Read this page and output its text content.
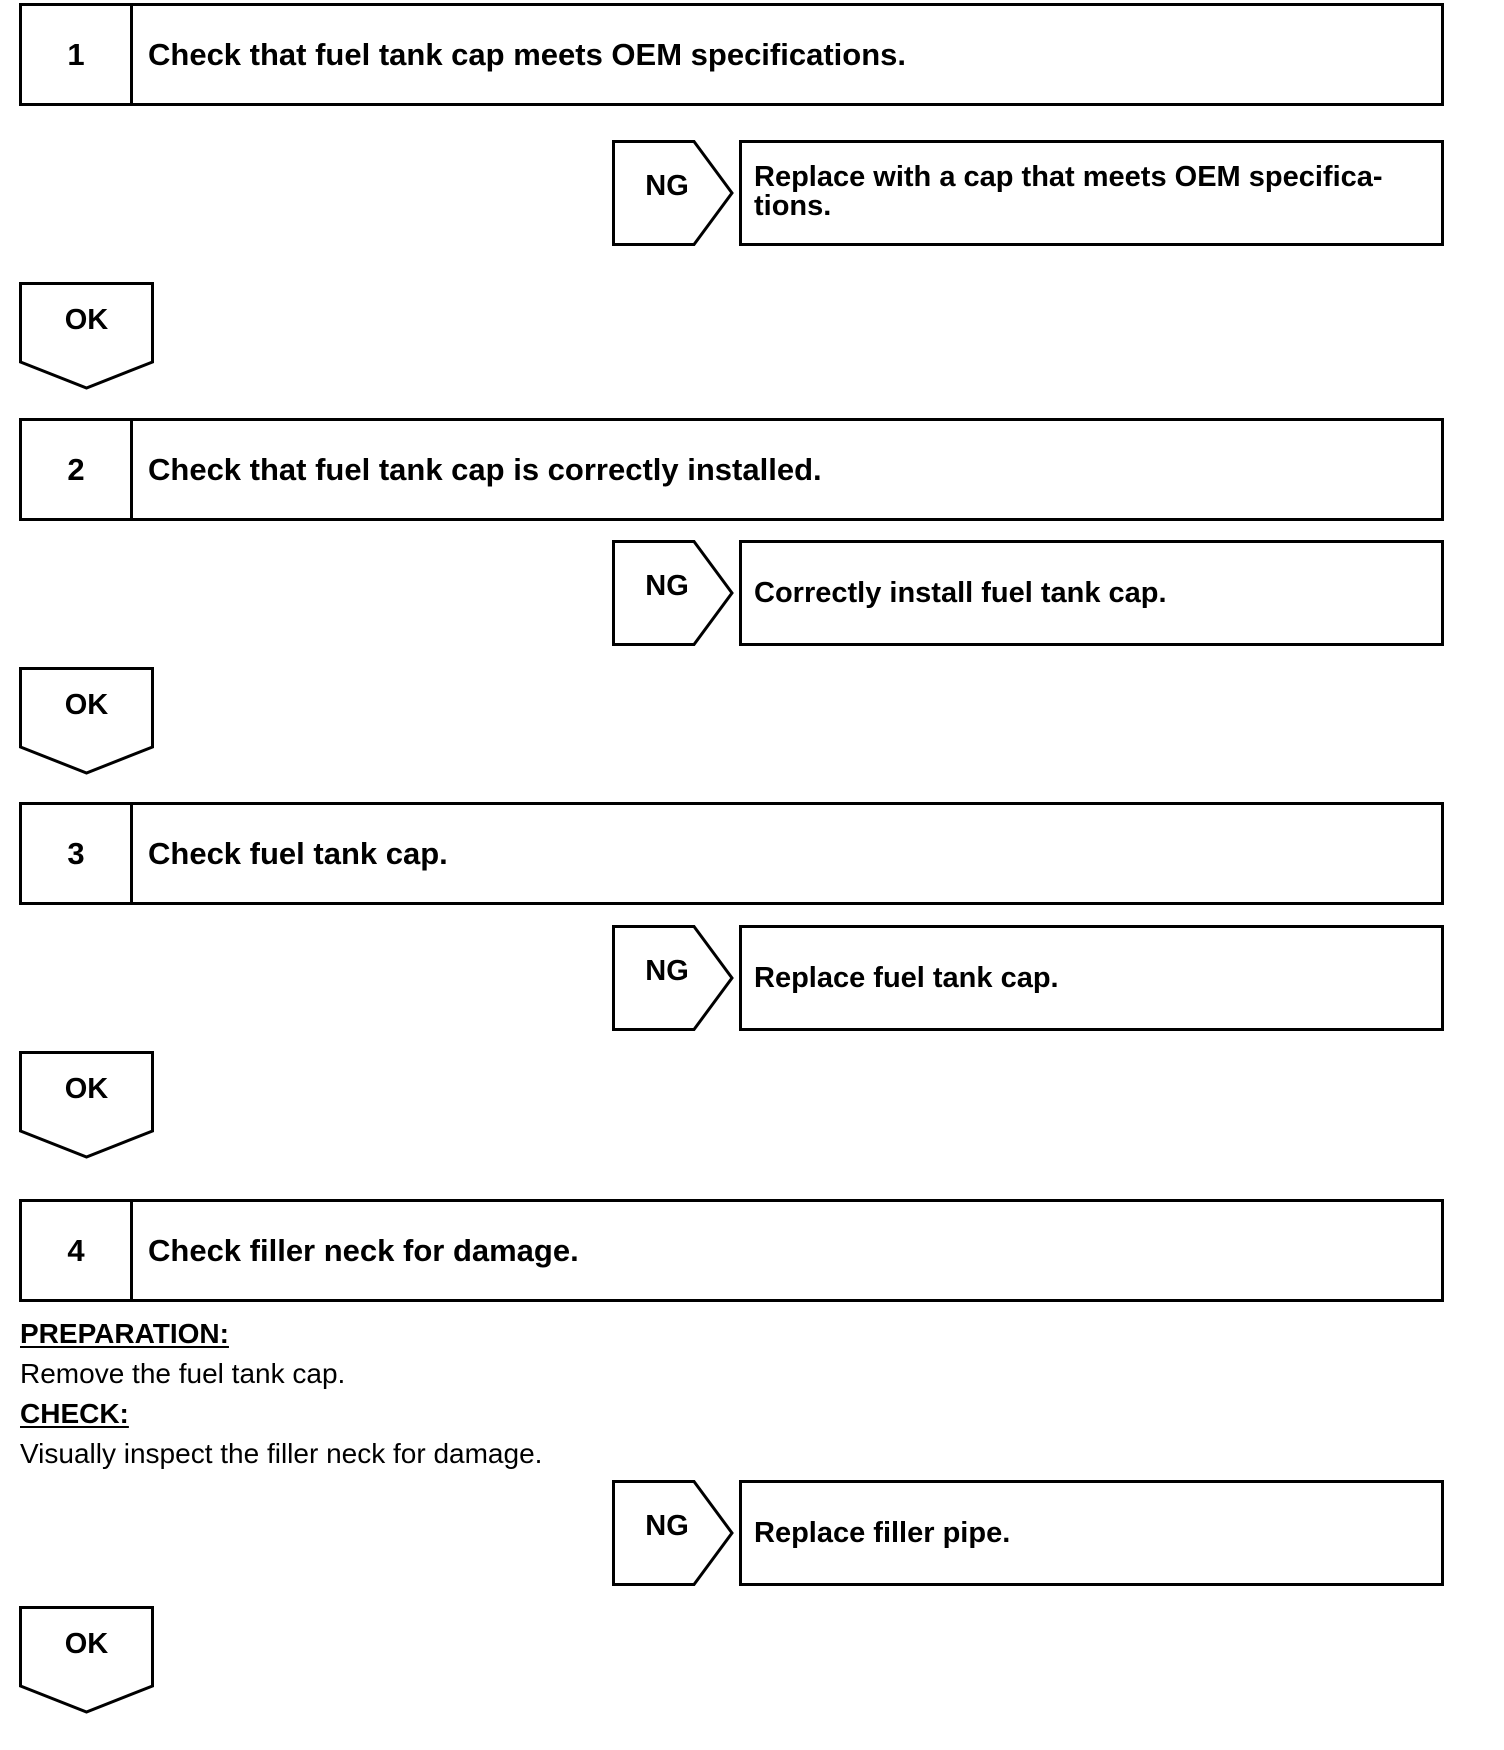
1	Check that fuel tank cap meets OEM specifications.
NG	Replace with a cap that meets OEM specifica-
tions.
OK
2	Check that fuel tank cap is correctly installed.
NG	Correctly install fuel tank cap.
OK
3	Check fuel tank cap.
NG	Replace fuel tank cap.
OK
4	Check filler neck for damage.
PREPARATION:
Remove the fuel tank cap.
CHECK:
Visually inspect the filler neck for damage.
NG	Replace filler pipe.
OK
